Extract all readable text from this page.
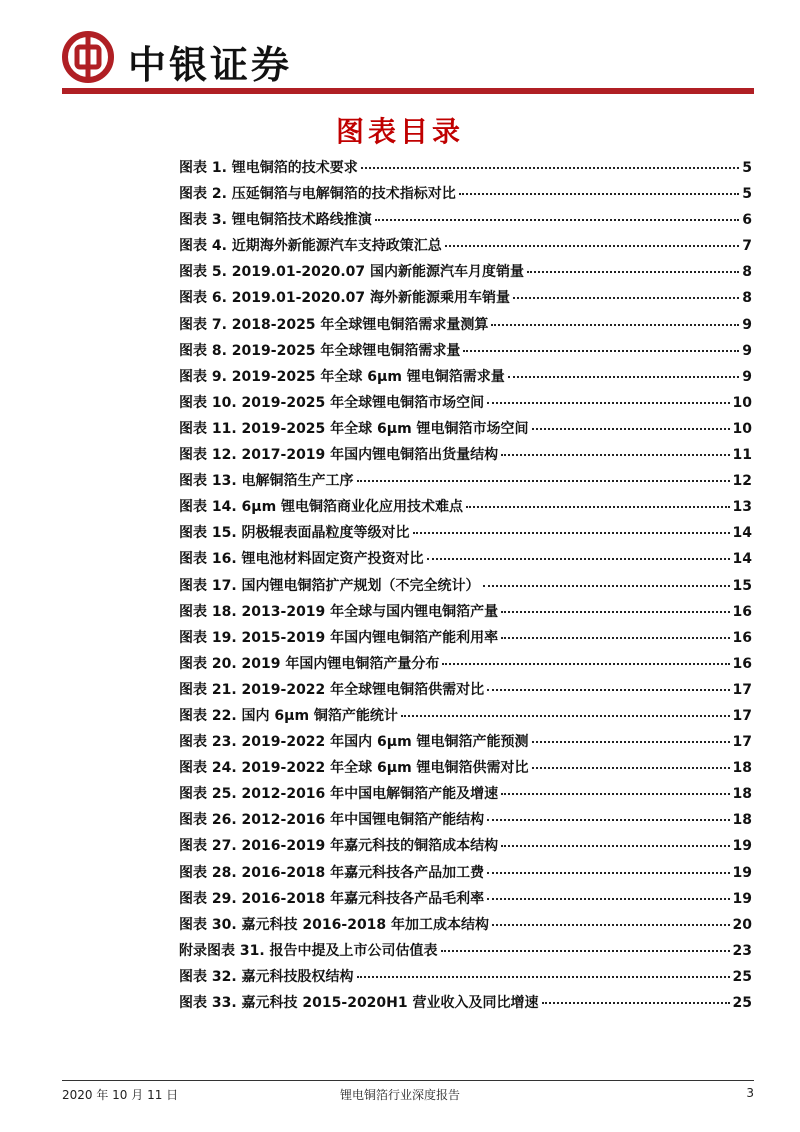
中银证券
图表目录
图表 1. 锂电铜箔的技术要求	5
图表 2. 压延铜箔与电解铜箔的技术指标对比	5
图表 3. 锂电铜箔技术路线推演	6
图表 4. 近期海外新能源汽车支持政策汇总	7
图表 5. 2019.01-2020.07 国内新能源汽车月度销量	8
图表 6. 2019.01-2020.07 海外新能源乘用车销量	8
图表 7. 2018-2025 年全球锂电铜箔需求量测算	9
图表 8. 2019-2025 年全球锂电铜箔需求量	9
图表 9. 2019-2025 年全球 6μm 锂电铜箔需求量	9
图表 10. 2019-2025 年全球锂电铜箔市场空间	10
图表 11. 2019-2025 年全球 6μm 锂电铜箔市场空间	10
图表 12. 2017-2019 年国内锂电铜箔出货量结构	11
图表 13. 电解铜箔生产工序	12
图表 14. 6μm 锂电铜箔商业化应用技术难点	13
图表 15. 阴极辊表面晶粒度等级对比	14
图表 16. 锂电池材料固定资产投资对比	14
图表 17. 国内锂电铜箔扩产规划（不完全统计）	15
图表 18. 2013-2019 年全球与国内锂电铜箔产量	16
图表 19. 2015-2019 年国内锂电铜箔产能利用率	16
图表 20. 2019 年国内锂电铜箔产量分布	16
图表 21. 2019-2022 年全球锂电铜箔供需对比	17
图表 22. 国内 6μm 铜箔产能统计	17
图表 23. 2019-2022 年国内 6μm 锂电铜箔产能预测	17
图表 24. 2019-2022 年全球 6μm 锂电铜箔供需对比	18
图表 25. 2012-2016 年中国电解铜箔产能及增速	18
图表 26. 2012-2016 年中国锂电铜箔产能结构	18
图表 27. 2016-2019 年嘉元科技的铜箔成本结构	19
图表 28. 2016-2018 年嘉元科技各产品加工费	19
图表 29. 2016-2018 年嘉元科技各产品毛利率	19
图表 30. 嘉元科技 2016-2018 年加工成本结构	20
附录图表 31. 报告中提及上市公司估值表	23
图表 32. 嘉元科技股权结构	25
图表 33. 嘉元科技 2015-2020H1 营业收入及同比增速	25
2020 年 10 月 11 日	锂电铜箔行业深度报告	3
